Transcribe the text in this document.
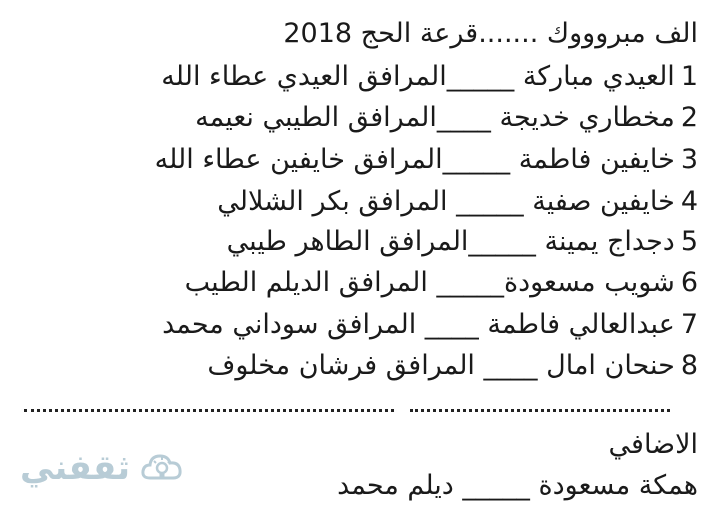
الف مبروووك .......قرعة الحج 2018
1العيدي مباركة _____المرافق العيدي عطاء الله
2مخطاري خديجة ____المرافق الطيبي نعيمه
3خايفين فاطمة _____المرافق خايفين عطاء الله
4خايفين صفية _____ المرافق بكر الشلالي
5دجداج يمينة _____المرافق الطاهر طيبي
6شويب مسعودة_____ المرافق الديلم الطيب
7عبدالعالي فاطمة ____ المرافق سوداني محمد
8حنحان امال ____ المرافق فرشان مخلوف
الاضافي
همكة مسعودة _____ ديلم محمد
ثقفني
